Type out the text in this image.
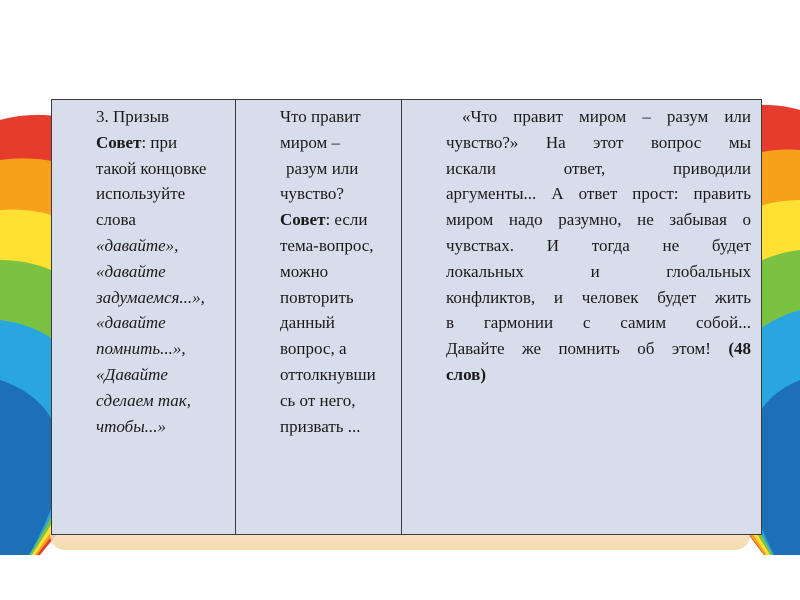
3. Призыв
Совет: при
такой концовке
используйте
слова
«давайте»,
«давайте
задумаемся...»,
«давайте
помнить...»,
«Давайте
сделаем так,
чтобы...»

Что правит
миром –
разум или
чувство?
Совет: если
тема-вопрос,
можно
повторить
данный
вопрос, а
оттолкнувши
сь от него,
призвать ...

«Что правит миром – разум или
чувство?» На этот вопрос мы
искали ответ, приводили
аргументы... А ответ прост: править
миром надо разумно, не забывая о
чувствах. И тогда не будет
локальных и глобальных
конфликтов, и человек будет жить
в гармонии с самим собой...
Давайте же помнить об этом! (48
слов)
